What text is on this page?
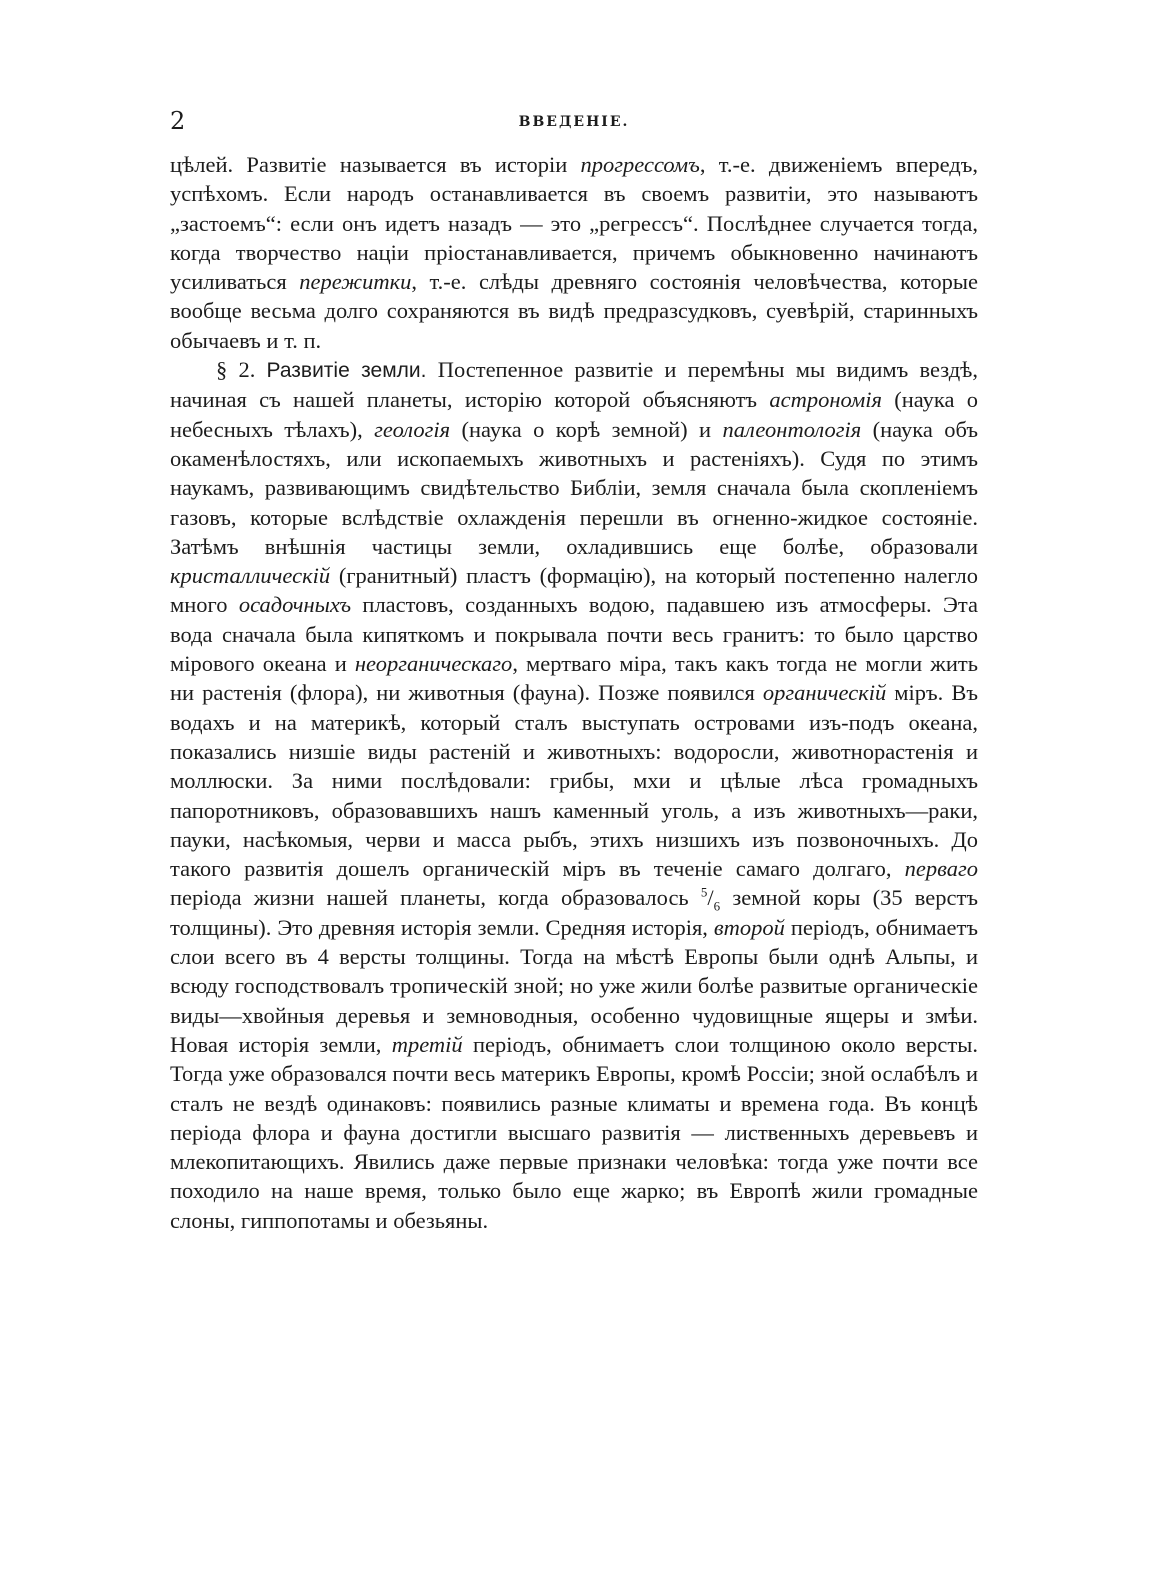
2	ВВЕДЕНІЕ.

цѣлей. Развитіе называется въ исторіи прогрессомъ, т.-е. движеніемъ впередъ, успѣхомъ. Если народъ останавливается въ своемъ развитіи, это называютъ „застоемъ“: если онъ идетъ назадъ — это „регрессъ“. Послѣднее случается тогда, когда творчество націи пріостанавливается, причемъ обыкновенно начинаютъ усиливаться пережитки, т.-е. слѣды древняго состоянія человѣчества, которые вообще весьма долго сохраняются въ видѣ предразсудковъ, суевѣрій, старинныхъ обычаевъ и т. п.

§ 2. Развитіе земли. Постепенное развитіе и перемѣны мы видимъ вездѣ, начиная съ нашей планеты, исторію которой объясняютъ астрономія (наука о небесныхъ тѣлахъ), геологія (наука о корѣ земной) и палеонтологія (наука объ окаменѣлостяхъ, или ископаемыхъ животныхъ и растеніяхъ). Судя по этимъ наукамъ, развивающимъ свидѣтельство Библіи, земля сначала была скопленіемъ газовъ, которые вслѣдствіе охлажденія перешли въ огненно-жидкое состояніе. Затѣмъ внѣшнія частицы земли, охладившись еще болѣе, образовали кристаллическій (гранитный) пластъ (формацію), на который постепенно налегло много осадочныхъ пластовъ, созданныхъ водою, падавшею изъ атмосферы. Эта вода сначала была кипяткомъ и покрывала почти весь гранитъ: то было царство мірового океана и неорганическаго, мертваго міра, такъ какъ тогда не могли жить ни растенія (флора), ни животныя (фауна). Позже появился органическій міръ. Въ водахъ и на материкѣ, который сталъ выступать островами изъ-подъ океана, показались низшіе виды растеній и животныхъ: водоросли, животнорастенія и моллюски. За ними послѣдовали: грибы, мхи и цѣлые лѣса громадныхъ папоротниковъ, образовавшихъ нашъ каменный уголь, а изъ животныхъ—раки, пауки, насѣкомыя, черви и масса рыбъ, этихъ низшихъ изъ позвоночныхъ. До такого развитія дошелъ органическій міръ въ теченіе самаго долгаго, перваго періода жизни нашей планеты, когда образовалось $^5/_6$ земной коры (35 верстъ толщины). Это древняя исторія земли. Средняя исторія, второй періодъ, обнимаетъ слои всего въ 4 версты толщины. Тогда на мѣстѣ Европы были однѣ Альпы, и всюду господствовалъ тропическій зной; но уже жили болѣе развитые органическіе виды—хвойныя деревья и земноводныя, особенно чудовищные ящеры и змѣи. Новая исторія земли, третій періодъ, обнимаетъ слои толщиною около версты. Тогда уже образовался почти весь материкъ Европы, кромѣ Россіи; зной ослабѣлъ и сталъ не вездѣ одинаковъ: появились разные климаты и времена года. Въ концѣ періода флора и фауна достигли высшаго развитія — лиственныхъ деревьевъ и млекопитающихъ. Явились даже первые признаки человѣка: тогда уже почти все походило на наше время, только было еще жарко; въ Европѣ жили громадные слоны, гиппопотамы и обезьяны.
